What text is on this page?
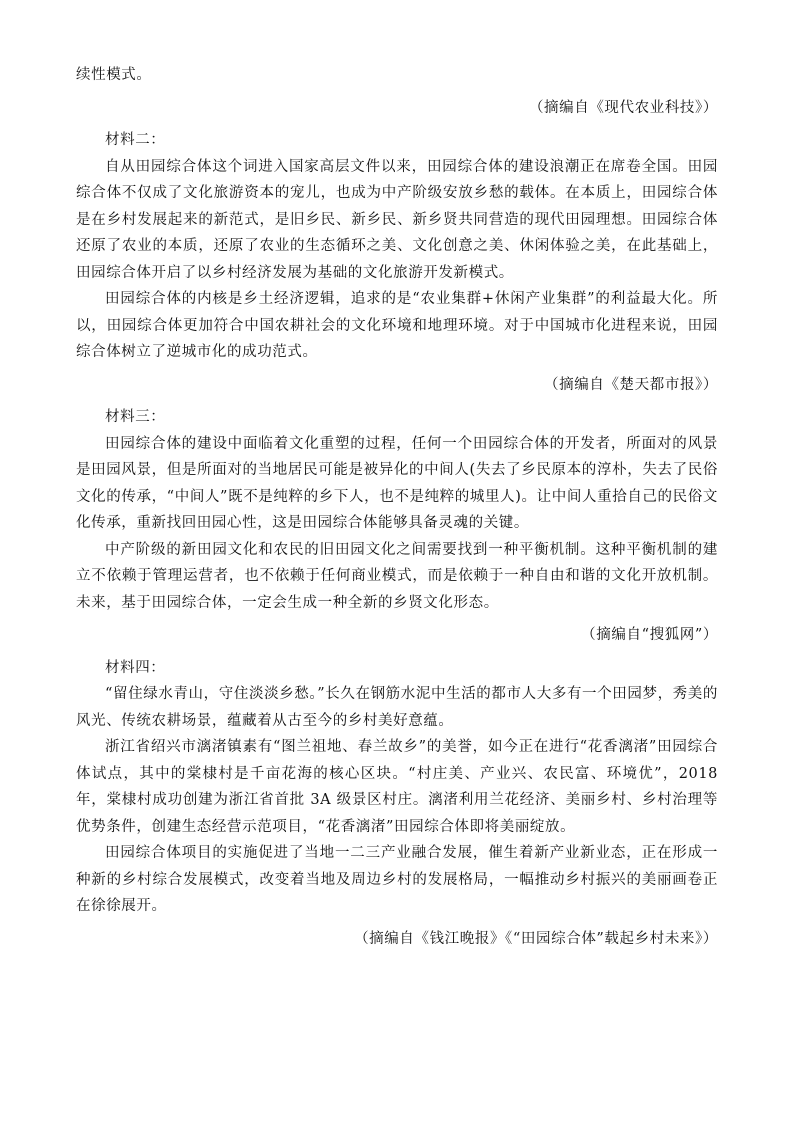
续性模式。

（摘编自《现代农业科技》）

材料二：

自从田园综合体这个词进入国家高层文件以来，田园综合体的建设浪潮正在席卷全国。田园综合体不仅成了文化旅游资本的宠儿，也成为中产阶级安放乡愁的载体。在本质上，田园综合体是在乡村发展起来的新范式，是旧乡民、新乡民、新乡贤共同营造的现代田园理想。田园综合体还原了农业的本质，还原了农业的生态循环之美、文化创意之美、休闲体验之美，在此基础上，田园综合体开启了以乡村经济发展为基础的文化旅游开发新模式。

田园综合体的内核是乡土经济逻辑，追求的是“农业集群+休闲产业集群”的利益最大化。所以，田园综合体更加符合中国农耕社会的文化环境和地理环境。对于中国城市化进程来说，田园综合体树立了逆城市化的成功范式。

（摘编自《楚天都市报》）

材料三：

田园综合体的建设中面临着文化重塑的过程，任何一个田园综合体的开发者，所面对的风景是田园风景，但是所面对的当地居民可能是被异化的中间人(失去了乡民原本的淳朴，失去了民俗文化的传承，“中间人”既不是纯粹的乡下人，也不是纯粹的城里人)。让中间人重拾自己的民俗文化传承，重新找回田园心性，这是田园综合体能够具备灵魂的关键。

中产阶级的新田园文化和农民的旧田园文化之间需要找到一种平衡机制。这种平衡机制的建立不依赖于管理运营者，也不依赖于任何商业模式，而是依赖于一种自由和谐的文化开放机制。未来，基于田园综合体，一定会生成一种全新的乡贤文化形态。

（摘编自“搜狐网”）

材料四：

“留住绿水青山，守住淡淡乡愁。”长久在钢筋水泥中生活的都市人大多有一个田园梦，秀美的风光、传统农耕场景，蕴藏着从古至今的乡村美好意蕴。

浙江省绍兴市漓渚镇素有“图兰祖地、春兰故乡”的美誉，如今正在进行“花香漓渚”田园综合体试点，其中的棠棣村是千亩花海的核心区块。“村庄美、产业兴、农民富、环境优”，2018 年，棠棣村成功创建为浙江省首批 3A 级景区村庄。漓渚利用兰花经济、美丽乡村、乡村治理等优势条件，创建生态经营示范项目，“花香漓渚”田园综合体即将美丽绽放。

田园综合体项目的实施促进了当地一二三产业融合发展，催生着新产业新业态，正在形成一种新的乡村综合发展模式，改变着当地及周边乡村的发展格局，一幅推动乡村振兴的美丽画卷正在徐徐展开。

（摘编自《钱江晚报》《“田园综合体”载起乡村未来》）
